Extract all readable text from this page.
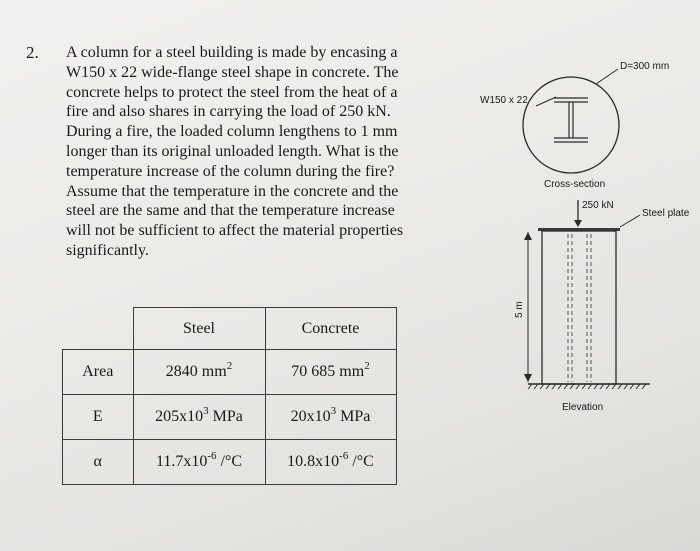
2. A column for a steel building is made by encasing a
W150 x 22 wide-flange steel shape in concrete. The
concrete helps to protect the steel from the heat of a
fire and also shares in carrying the load of 250 kN.
During a fire, the loaded column lengthens to 1 mm
longer than its original unloaded length. What is the
temperature increase of the column during the fire?
Assume that the temperature in the concrete and the
steel are the same and that the temperature increase
will not be sufficient to affect the material properties
significantly.
	Steel	Concrete
Area	2840 $mm^2$	70 685 $mm^2$
E	$205x10^3$ MPa	$20x10^3$ MPa
α	$11.7x10^{-6}$ /°C	$10.8x10^{-6}$ /°C
D=300 mm
W150 x 22
Cross-section
250 kN
Steel plate
5 m
Elevation
